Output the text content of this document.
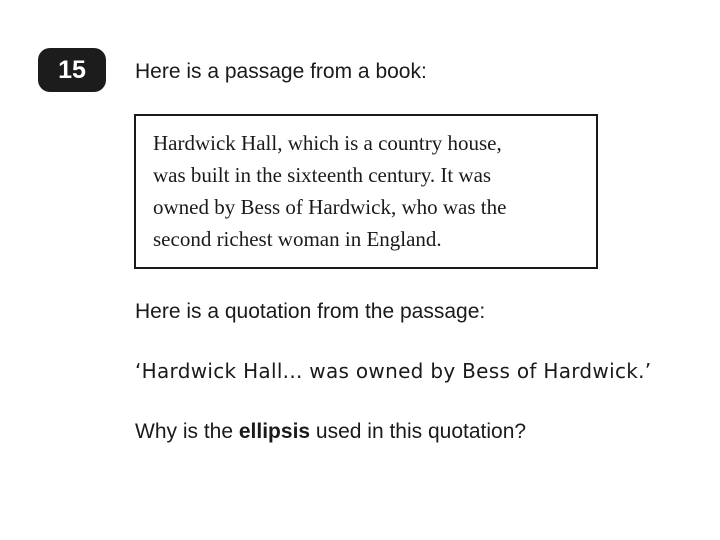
15	Here is a passage from a book:
Hardwick Hall, which is a country house,
was built in the sixteenth century. It was
owned by Bess of Hardwick, who was the
second richest woman in England.
Here is a quotation from the passage:
‘Hardwick Hall... was owned by Bess of Hardwick.’
Why is the ellipsis used in this quotation?
